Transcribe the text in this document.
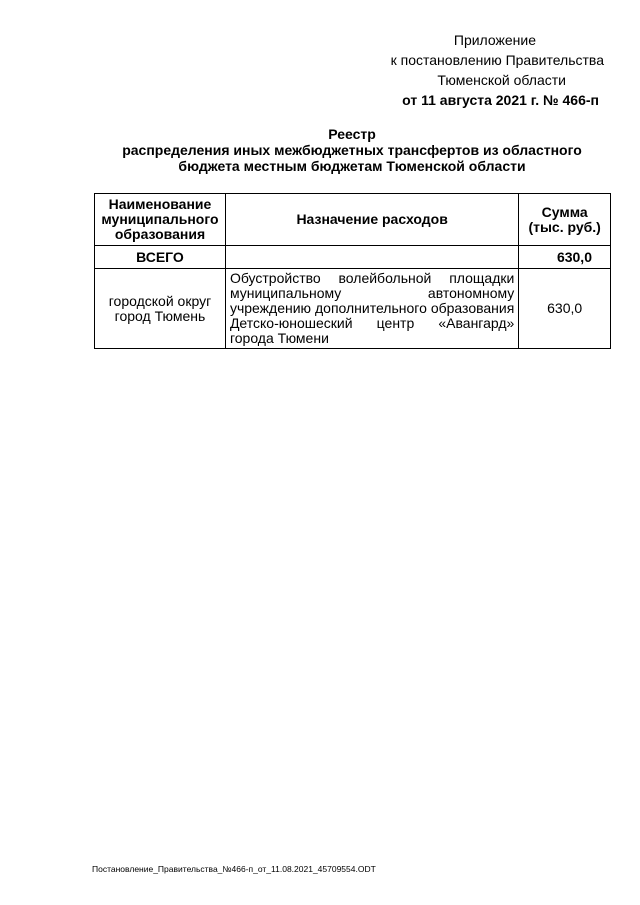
Приложение
к постановлению Правительства
Тюменской области
от 11 августа 2021 г. № 466-п
Реестр
распределения иных межбюджетных трансфертов из областного
бюджета местным бюджетам Тюменской области
Наименование муниципального образования	Назначение расходов	Сумма (тыс. руб.)
ВСЕГО		630,0
городской округ город Тюмень	Обустройство волейбольной площадки муниципальному автономному учреждению дополнительного образования Детско-юношеский центр «Авангард» города Тюмени	630,0
Постановление_Правительства_№466-п_от_11.08.2021_45709554.ODT
